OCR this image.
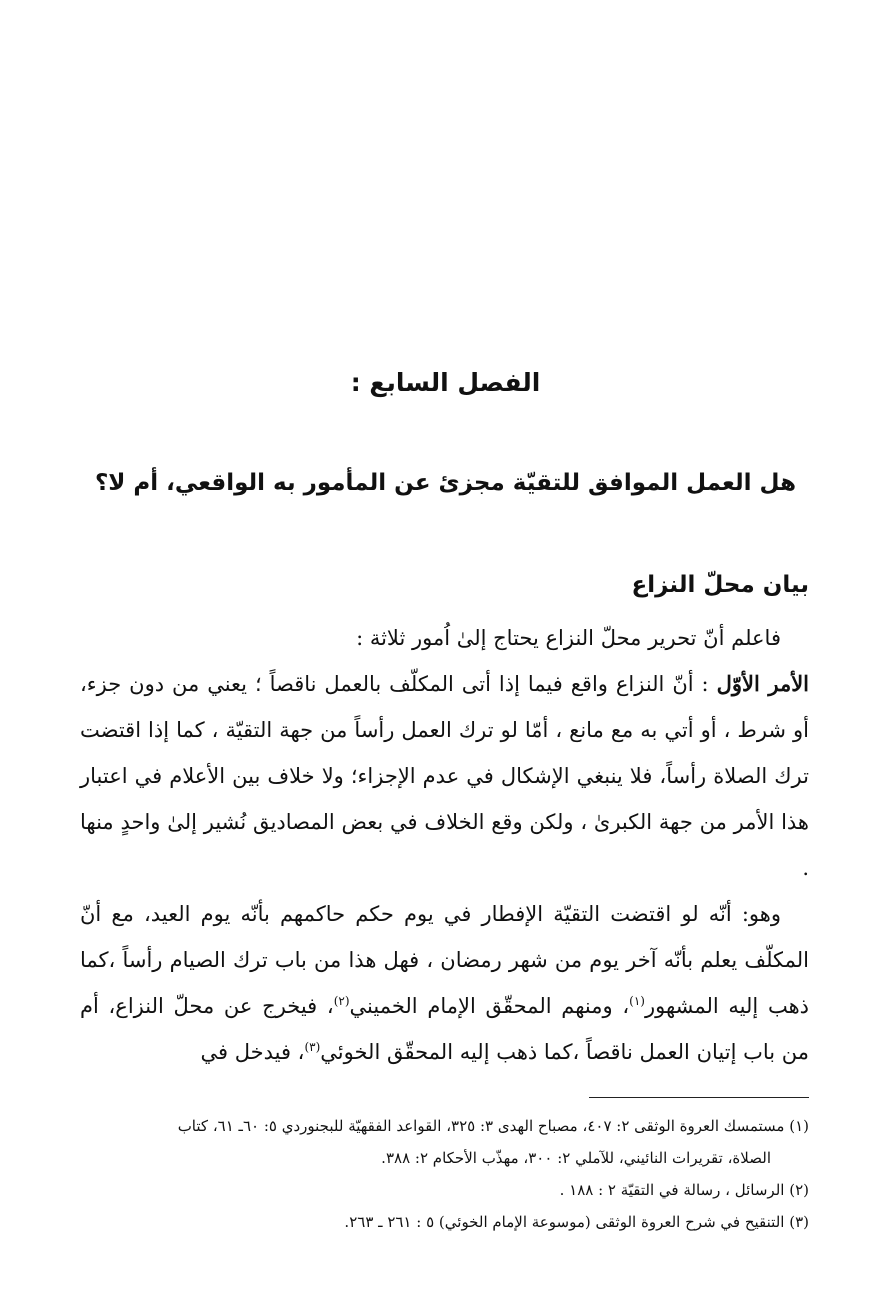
الفصل السابع :
هل العمل الموافق للتقيّة مجزئ عن المأمور به الواقعي، أم لا؟
بيان محلّ النزاع

فاعلم أنّ تحرير محلّ النزاع يحتاج إلىٰ اُمور ثلاثة :

الأمر الأوّل : أنّ النزاع واقع فيما إذا أتى المكلّف بالعمل ناقصاً ؛ يعني من دون جزء، أو شرط ، أو أتي به مع مانع ، أمّا لو ترك العمل رأساً من جهة التقيّة ، كما إذا اقتضت ترك الصلاة رأساً، فلا ينبغي الإشكال في عدم الإجزاء؛ ولا خلاف بين الأعلام في اعتبار هذا الأمر من جهة الكبرىٰ ، ولكن وقع الخلاف في بعض المصاديق نُشير إلىٰ واحدٍ منها .

وهو: أنّه لو اقتضت التقيّة الإفطار في يوم حكم حاكمهم بأنّه يوم العيد، مع أنّ المكلّف يعلم بأنّه آخر يوم من شهر رمضان ، فهل هذا من باب ترك الصيام رأساً ،كما ذهب إليه المشهور$^{(١)}$، ومنهم المحقّق الإمام الخميني$^{(٢)}$، فيخرج عن محلّ النزاع، أم من باب إتيان العمل ناقصاً ،كما ذهب إليه المحقّق الخوئي$^{(٣)}$، فيدخل في

(١) مستمسك العروة الوثقى ٢: ٤٠٧، مصباح الهدى ٣: ٣٢٥، القواعد الفقهيّة للبجنوردي ٥: ٦٠ـ ٦١، كتاب

الصلاة، تقريرات النائيني، للآملي ٢: ٣٠٠، مهذّب الأحكام ٢: ٣٨٨.

(٢) الرسائل ، رسالة في التقيّة ٢ : ١٨٨ .

(٣) التنقيح في شرح العروة الوثقى (موسوعة الإمام الخوئي) ٥ : ٢٦١ ـ ٢٦٣.
